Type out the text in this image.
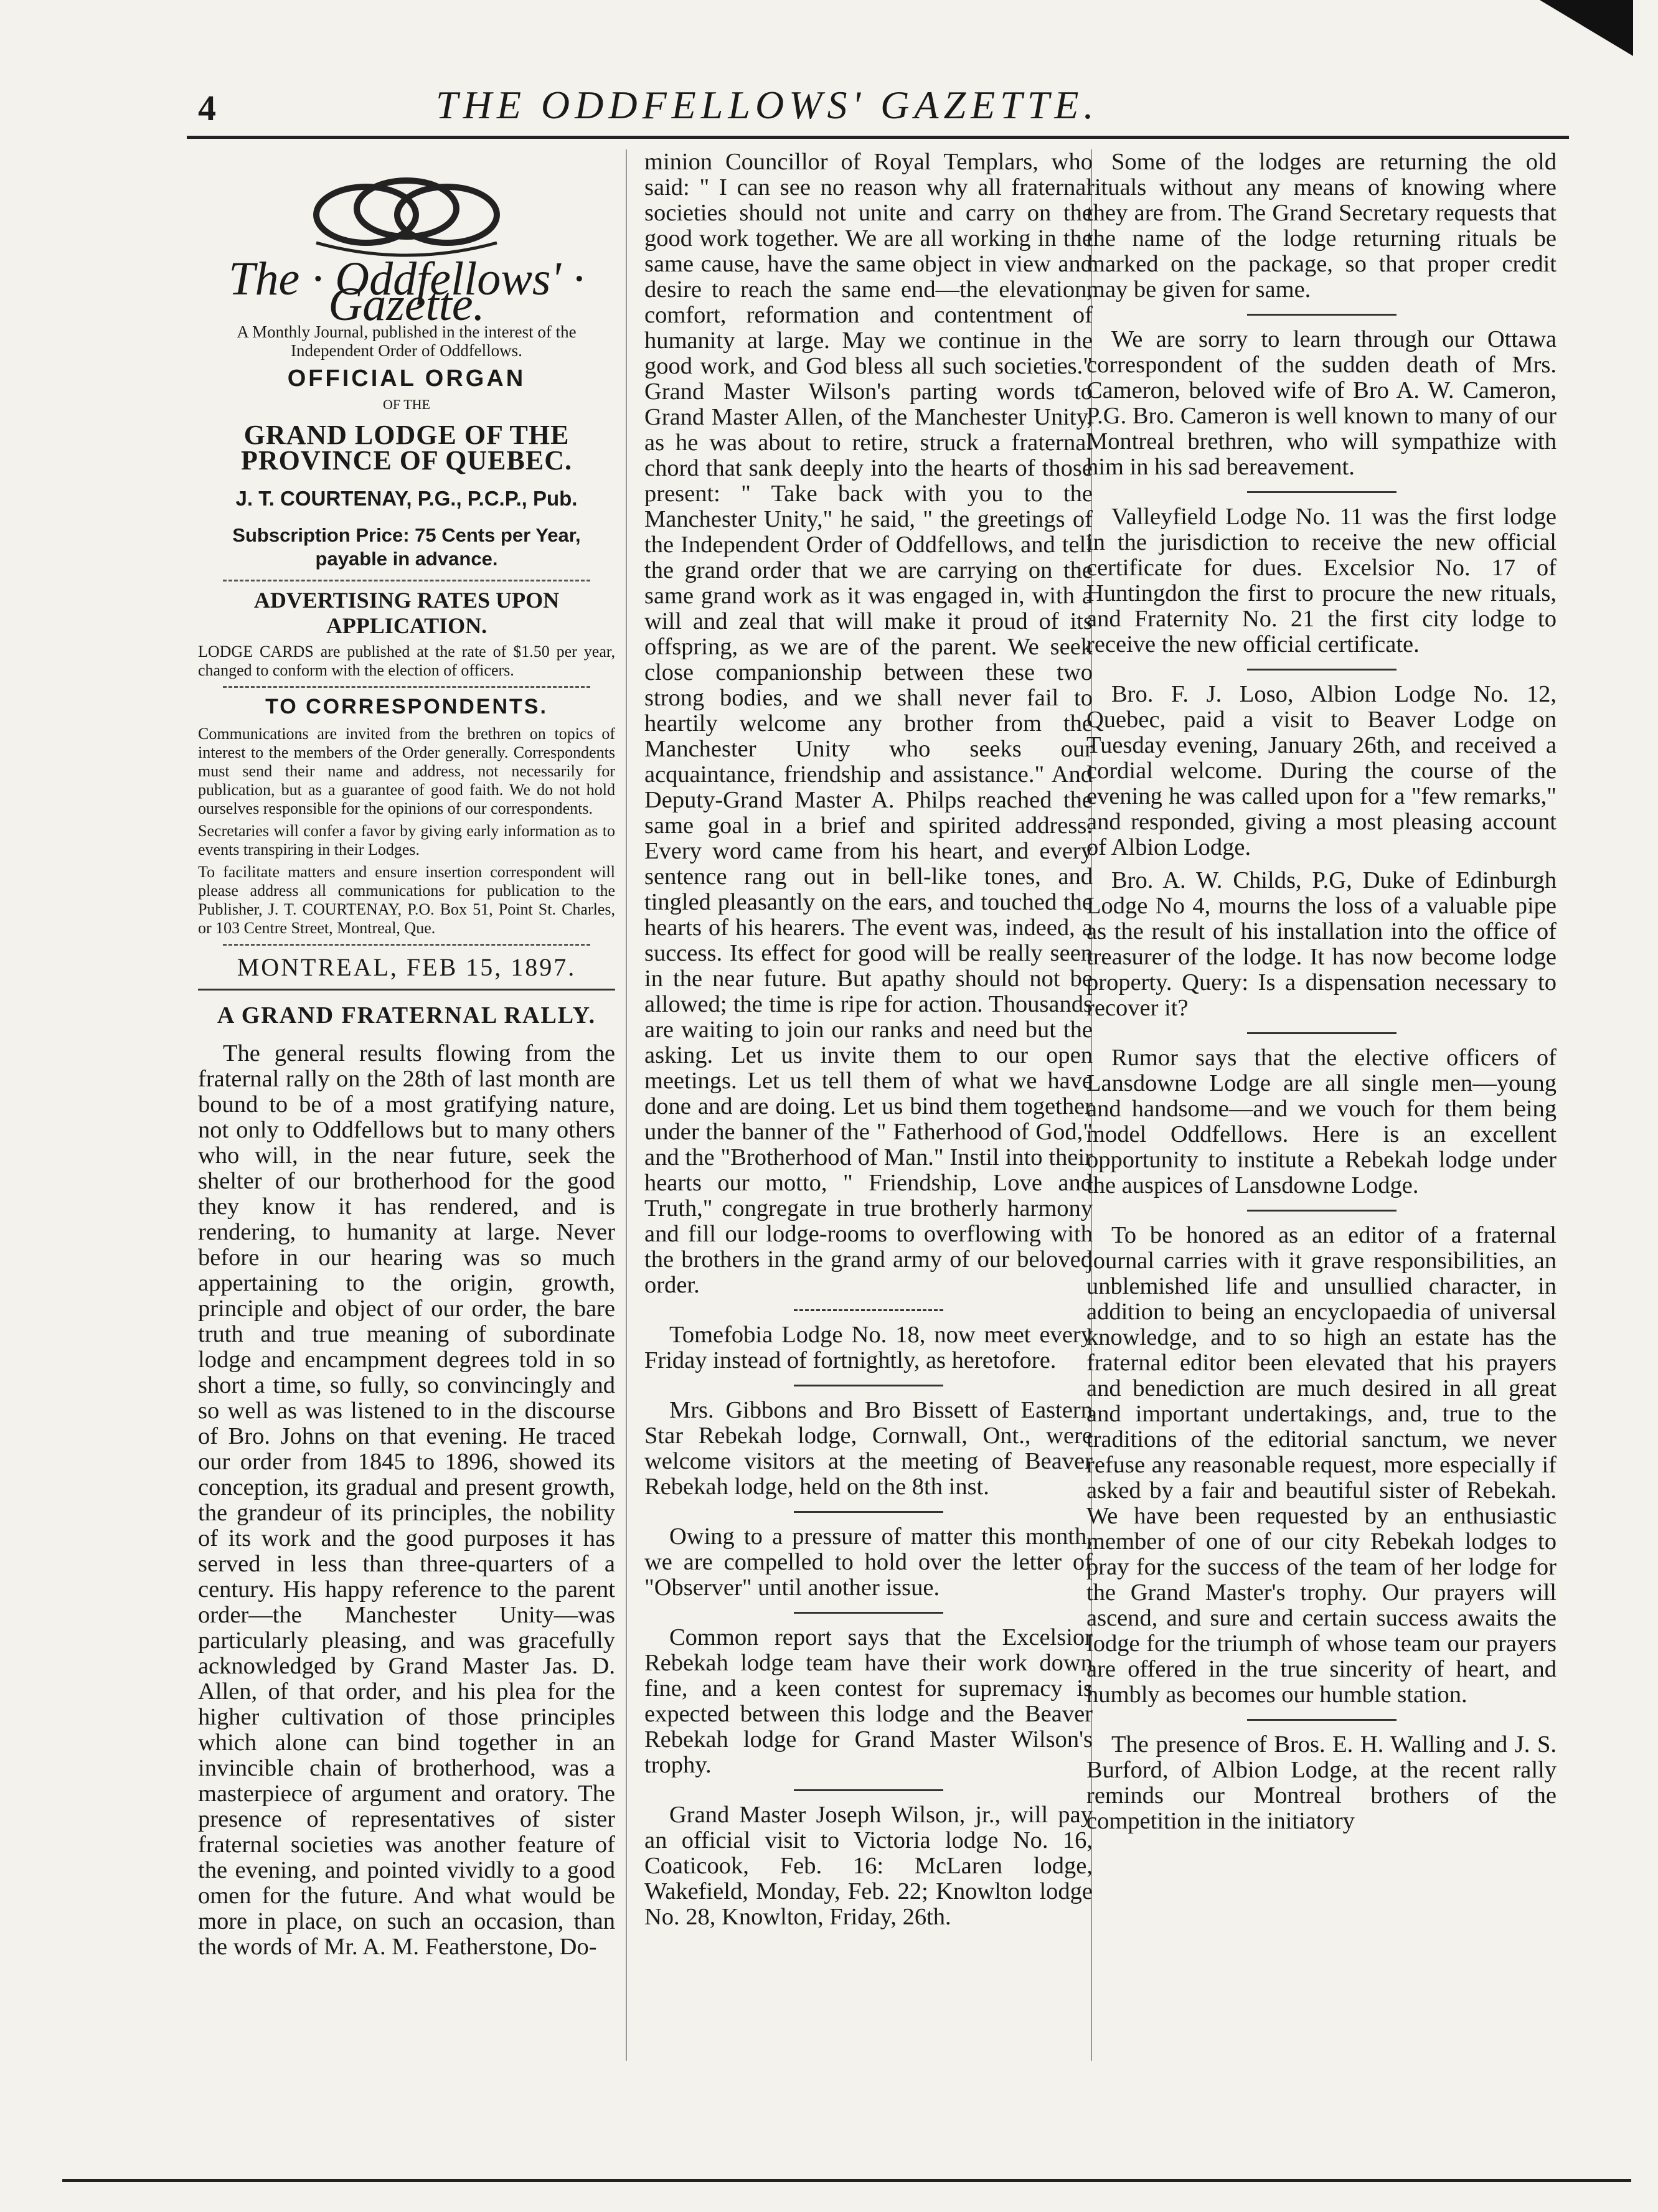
4	THE ODDFELLOWS' GAZETTE.
The · Oddfellows' · Gazette.
A Monthly Journal, published in the interest of the Independent Order of Oddfellows.
OFFICIAL ORGAN
OF THE
GRAND LODGE OF THE PROVINCE OF QUEBEC.
J. T. COURTENAY, P.G., P.C.P., Pub.
Subscription Price: 75 Cents per Year, payable in advance.
ADVERTISING RATES UPON APPLICATION.

LODGE CARDS are published at the rate of $1.50 per year, changed to conform with the election of officers.

TO CORRESPONDENTS.

Communications are invited from the brethren on topics of interest to the members of the Order generally. Correspondents must send their name and address, not necessarily for publication, but as a guarantee of good faith. We do not hold ourselves responsible for the opinions of our correspondents.

Secretaries will confer a favor by giving early information as to events transpiring in their Lodges.

To facilitate matters and ensure insertion correspondent will please address all communications for publication to the Publisher, J. T. COURTENAY, P.O. Box 51, Point St. Charles, or 103 Centre Street, Montreal, Que.

MONTREAL, FEB 15, 1897.
A GRAND FRATERNAL RALLY.

The general results flowing from the fraternal rally on the 28th of last month are bound to be of a most gratifying nature, not only to Oddfellows but to many others who will, in the near future, seek the shelter of our brotherhood for the good they know it has rendered, and is rendering, to humanity at large. Never before in our hearing was so much appertaining to the origin, growth, principle and object of our order, the bare truth and true meaning of subordinate lodge and encampment degrees told in so short a time, so fully, so convincingly and so well as was listened to in the discourse of Bro. Johns on that evening. He traced our order from 1845 to 1896, showed its conception, its gradual and present growth, the grandeur of its principles, the nobility of its work and the good purposes it has served in less than three-quarters of a century. His happy reference to the parent order—the Manchester Unity—was particularly pleasing, and was gracefully acknowledged by Grand Master Jas. D. Allen, of that order, and his plea for the higher cultivation of those principles which alone can bind together in an invincible chain of brotherhood, was a masterpiece of argument and oratory. The presence of representatives of sister fraternal societies was another feature of the evening, and pointed vividly to a good omen for the future. And what would be more in place, on such an occasion, than the words of Mr. A. M. Featherstone, Do-

minion Councillor of Royal Templars, who said: " I can see no reason why all fraternal societies should not unite and carry on the good work together. We are all working in the same cause, have the same object in view and desire to reach the same end—the elevation, comfort, reformation and contentment of humanity at large. May we continue in the good work, and God bless all such societies." Grand Master Wilson's parting words to Grand Master Allen, of the Manchester Unity, as he was about to retire, struck a fraternal chord that sank deeply into the hearts of those present: " Take back with you to the Manchester Unity," he said, " the greetings of the Independent Order of Oddfellows, and tell the grand order that we are carrying on the same grand work as it was engaged in, with a will and zeal that will make it proud of its offspring, as we are of the parent. We seek close companionship between these two strong bodies, and we shall never fail to heartily welcome any brother from the Manchester Unity who seeks our acquaintance, friendship and assistance." And Deputy-Grand Master A. Philps reached the same goal in a brief and spirited address. Every word came from his heart, and every sentence rang out in bell-like tones, and tingled pleasantly on the ears, and touched the hearts of his hearers. The event was, indeed, a success. Its effect for good will be really seen in the near future. But apathy should not be allowed; the time is ripe for action. Thousands are waiting to join our ranks and need but the asking. Let us invite them to our open meetings. Let us tell them of what we have done and are doing. Let us bind them together under the banner of the " Fatherhood of God," and the "Brotherhood of Man." Instil into their hearts our motto, " Friendship, Love and Truth," congregate in true brotherly harmony and fill our lodge-rooms to overflowing with the brothers in the grand army of our beloved order.

Tomefobia Lodge No. 18, now meet every Friday instead of fortnightly, as heretofore.

Mrs. Gibbons and Bro Bissett of Eastern Star Rebekah lodge, Cornwall, Ont., were welcome visitors at the meeting of Beaver Rebekah lodge, held on the 8th inst.

Owing to a pressure of matter this month, we are compelled to hold over the letter of "Observer" until another issue.

Common report says that the Excelsior Rebekah lodge team have their work down fine, and a keen contest for supremacy is expected between this lodge and the Beaver Rebekah lodge for Grand Master Wilson's trophy.

Grand Master Joseph Wilson, jr., will pay an official visit to Victoria lodge No. 16, Coaticook, Feb. 16: McLaren lodge, Wakefield, Monday, Feb. 22; Knowlton lodge No. 28, Knowlton, Friday, 26th.

Some of the lodges are returning the old rituals without any means of knowing where they are from. The Grand Secretary requests that the name of the lodge returning rituals be marked on the package, so that proper credit may be given for same.

We are sorry to learn through our Ottawa correspondent of the sudden death of Mrs. Cameron, beloved wife of Bro A. W. Cameron, P.G. Bro. Cameron is well known to many of our Montreal brethren, who will sympathize with him in his sad bereavement.

Valleyfield Lodge No. 11 was the first lodge in the jurisdiction to receive the new official certificate for dues. Excelsior No. 17 of Huntingdon the first to procure the new rituals, and Fraternity No. 21 the first city lodge to receive the new official certificate.

Bro. F. J. Loso, Albion Lodge No. 12, Quebec, paid a visit to Beaver Lodge on Tuesday evening, January 26th, and received a cordial welcome. During the course of the evening he was called upon for a "few remarks," and responded, giving a most pleasing account of Albion Lodge.

Bro. A. W. Childs, P.G, Duke of Edinburgh Lodge No 4, mourns the loss of a valuable pipe as the result of his installation into the office of treasurer of the lodge. It has now become lodge property. Query: Is a dispensation necessary to recover it?

Rumor says that the elective officers of Lansdowne Lodge are all single men—young and handsome—and we vouch for them being model Oddfellows. Here is an excellent opportunity to institute a Rebekah lodge under the auspices of Lansdowne Lodge.

To be honored as an editor of a fraternal journal carries with it grave responsibilities, an unblemished life and unsullied character, in addition to being an encyclopaedia of universal knowledge, and to so high an estate has the fraternal editor been elevated that his prayers and benediction are much desired in all great and important undertakings, and, true to the traditions of the editorial sanctum, we never refuse any reasonable request, more especially if asked by a fair and beautiful sister of Rebekah. We have been requested by an enthusiastic member of one of our city Rebekah lodges to pray for the success of the team of her lodge for the Grand Master's trophy. Our prayers will ascend, and sure and certain success awaits the lodge for the triumph of whose team our prayers are offered in the true sincerity of heart, and humbly as becomes our humble station.

The presence of Bros. E. H. Walling and J. S. Burford, of Albion Lodge, at the recent rally reminds our Montreal brothers of the competition in the initiatory
